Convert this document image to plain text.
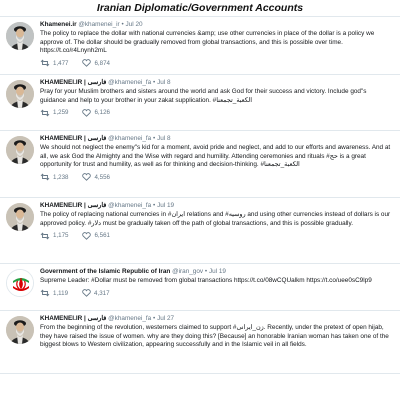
Iranian Diplomatic/Government Accounts
Khamenei.ir @khamenei_ir • Jul 20
The policy to replace the dollar with national currencies &amp; use other currencies in place of the dollar is a policy we approve of. The dollar should be gradually removed from global transactions, and this is possible over time. https://t.co/r4Lnynh2mL
1,477	6,874
KHAMENEI.IR | فارسی @khamenei_fa • Jul 8
Pray for your Muslim brothers and sisters around the world and ask God for their success and victory. Include god"s guidance and help to your brother in your zakat supplication. #الکعبة_تجمعنا
1,259	6,126
KHAMENEI.IR | فارسی @khamenei_fa • Jul 8
We should not neglect the enemy"s kid for a moment, avoid pride and neglect, and add to our efforts and awareness. And at all, we ask God the Almighty and the Wise with regard and humility. Attending ceremonies and rituals #حج is a great opportunity for trust and humility, as well as for thinking and decision-thinking. #الکعبة_تجمعنا
1,238	4,556
KHAMENEI.IR | فارسی @khamenei_fa • Jul 19
The policy of replacing national currencies in #ایران relations and #روسیه and using other currencies instead of dollars is our approved policy. #دلار must be gradually taken off the path of global transactions, and this is possible gradually.
1,175	6,561
Government of the Islamic Republic of Iran @iran_gov • Jul 19
Supreme Leader: #Dollar must be removed from global transactions https://t.co/08wCQUalkm https://t.co/uee0sC9lp9
1,119	4,317
KHAMENEI.IR | فارسی @khamenei_fa • Jul 27
From the beginning of the revolution, westerners claimed to support #زن_ایرانی. Recently, under the pretext of open hijab, they have raised the issue of women. why are they doing this? [Because] an honorable Iranian woman has taken one of the biggest blows to Western civilization, appearing successfully and in the Islamic veil in all fields.
